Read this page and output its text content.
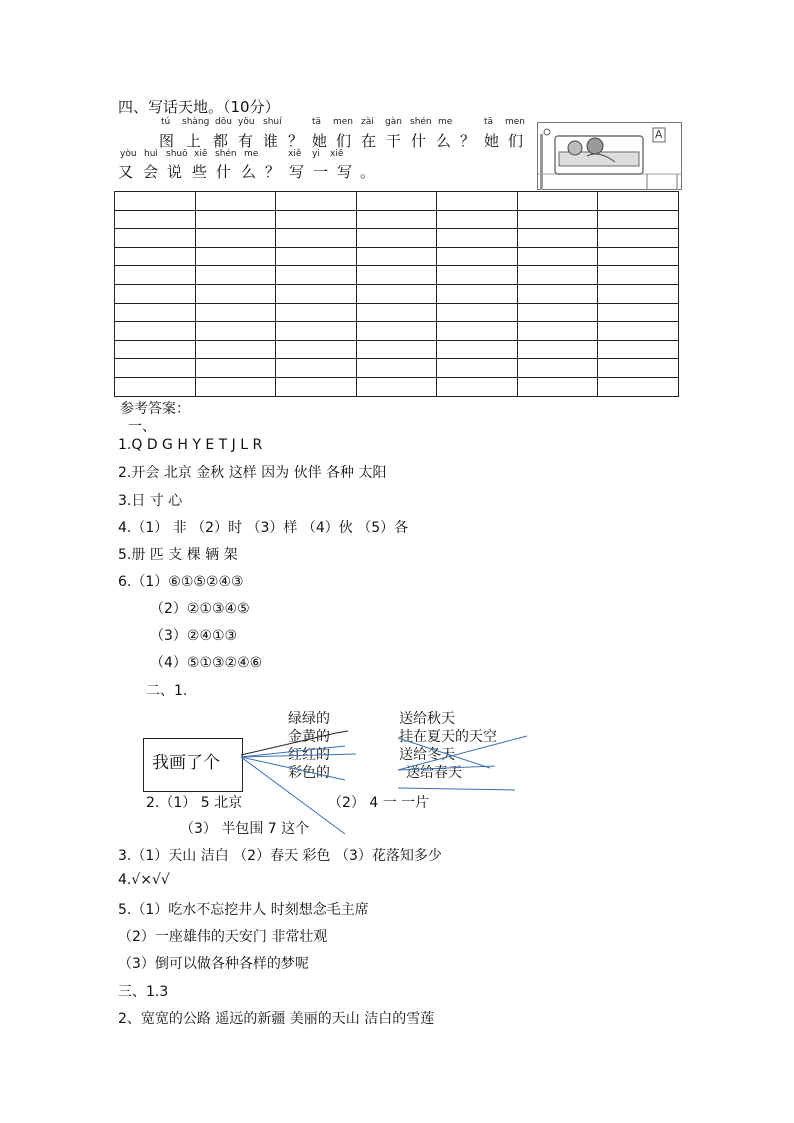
四、写话天地。（10分）
tú shàng dōu yǒu shuí	tā men zài gàn shén me	tā men
图 上 都 有 谁 ？ 她 们 在 干 什 么 ？ 她 们
yòu huì shuō xiē shén me	xiě yi xiě
又 会 说 些 什 么 ？ 写 一 写 。
A

参考答案：
一、
1.Q D G H Y E T J L R
2.开会 北京 金秋 这样 因为 伙伴 各种 太阳
3.日 寸 心
4.（1） 非 （2）时 （3）样 （4）伙 （5）各
5.册 匹 支 棵 辆 架
6.（1）⑥①⑤②④③
（2）②①③④⑤
（3）②④①③
（4）⑤①③②④⑥
二、1.
绿绿的
金黄的
红红的
彩色的
送给秋天
挂在夏天的天空
送给冬天
送给春天
我画了个
2.（1） 5 北京	（2） 4 一 一片
（3） 半包围 7 这个
3.（1）天山 洁白 （2）春天 彩色 （3）花落知多少
4.√×√√
5.（1）吃水不忘挖井人 时刻想念毛主席
（2）一座雄伟的天安门 非常壮观
（3）倒可以做各种各样的梦呢
三、1.3
2、宽宽的公路 遥远的新疆 美丽的天山 洁白的雪莲
